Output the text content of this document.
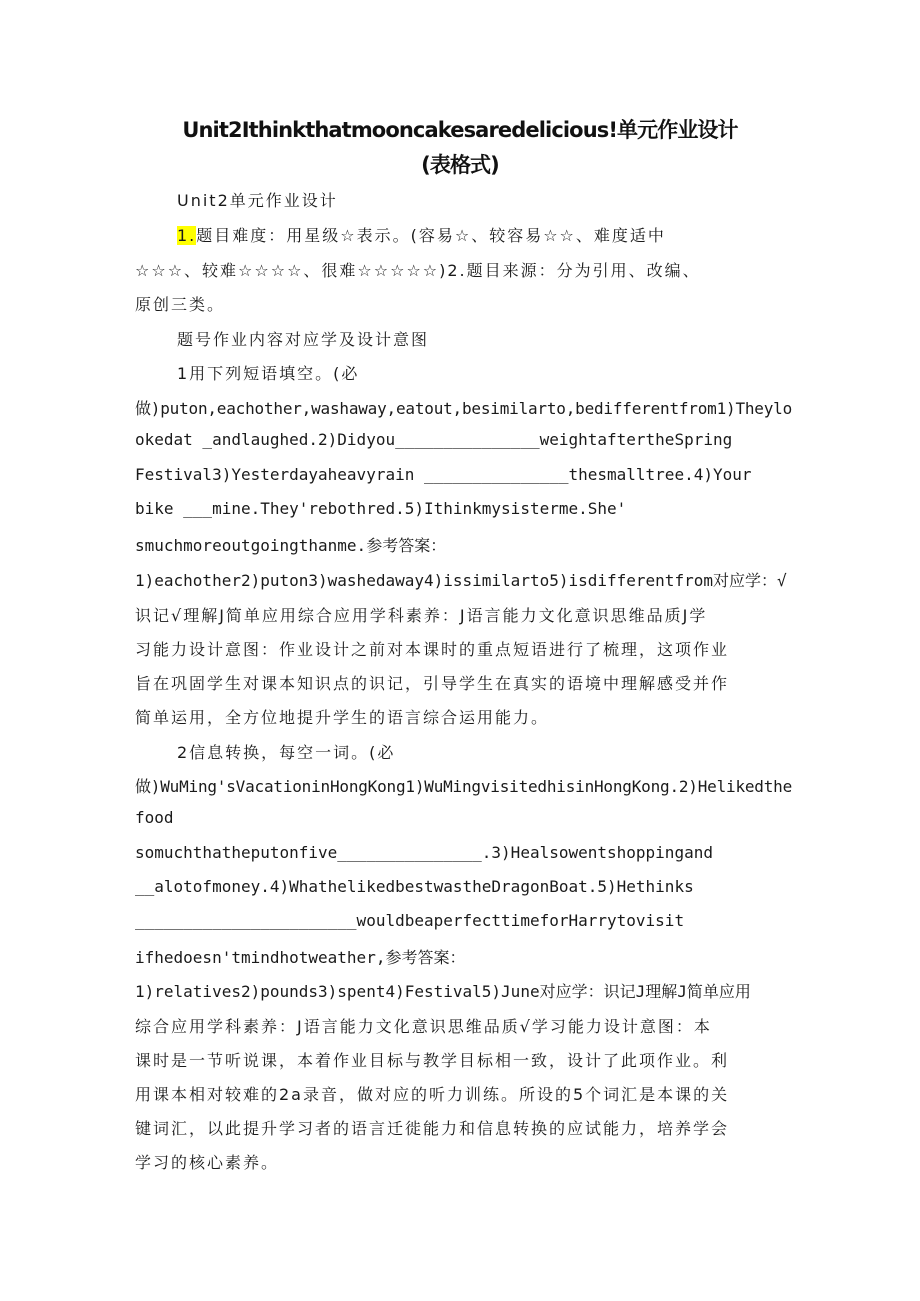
Unit2Ithinkthatmooncakesaredelicious!单元作业设计
(表格式)
Unit2单元作业设计
1.题目难度：用星级☆表示。(容易☆、较容易☆☆、难度适中
☆☆☆、较难☆☆☆☆、很难☆☆☆☆☆)2.题目来源：分为引用、改编、
原创三类。
题号作业内容对应学及设计意图
1用下列短语填空。(必
做)puton,eachother,washaway,eatout,besimilarto,bedifferentfrom1)Theylo
okedat _andlaughed.2)Didyou_______________weightaftertheSpring
Festival3)Yesterdayaheavyrain _______________thesmalltree.4)Your
bike ___mine.They'rebothred.5)Ithinkmysisterme.She'
smuchmoreoutgoingthanme.参考答案：
1)eachother2)puton3)washedaway4)issimilarto5)isdifferentfrom对应学：√
识记√理解J简单应用综合应用学科素养：J语言能力文化意识思维品质J学
习能力设计意图：作业设计之前对本课时的重点短语进行了梳理，这项作业
旨在巩固学生对课本知识点的识记，引导学生在真实的语境中理解感受并作
简单运用，全方位地提升学生的语言综合运用能力。
2信息转换，每空一词。(必
做)WuMing'sVacationinHongKong1)WuMingvisitedhisinHongKong.2)Helikedthe
food
somuchthatheputonfive_______________.3)Healsowentshoppingand
__alotofmoney.4)WhathelikedbestwastheDragonBoat.5)Hethinks
_______________________wouldbeaperfecttimeforHarrytovisit
ifhedoesn'tmindhotweather,参考答案：
1)relatives2)pounds3)spent4)Festival5)June对应学：识记J理解J简单应用
综合应用学科素养：J语言能力文化意识思维品质√学习能力设计意图：本
课时是一节听说课，本着作业目标与教学目标相一致，设计了此项作业。利
用课本相对较难的2a录音，做对应的听力训练。所设的5个词汇是本课的关
键词汇，以此提升学习者的语言迁徙能力和信息转换的应试能力，培养学会
学习的核心素养。
